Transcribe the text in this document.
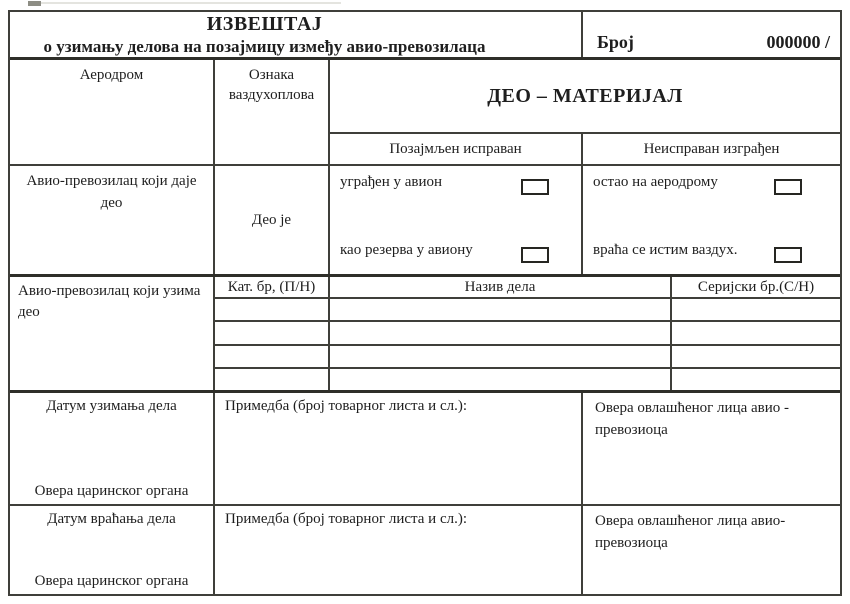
ИЗВЕШТАЈ
о узимању делова на позајмицу између авио-превозилаца	Број	000000 /
Аеродром	Ознака ваздухоплова	ДЕО – МАТЕРИЈАЛ
Позајмљен исправан	Неисправан изграђен
Авио-превозилац који даје део
Део је
уграђен у авион
као резерва у авиону
остао на аеродрому
враћа се истим ваздух.
Авио-превозилац који узима део
Кат. бр, (П/Н)	Назив дела	Серијски бр.(С/Н)
Датум узимања дела
Овера царинског органа
Примедба (број товарног листа и сл.):	Овера овлашћеног лица авио - превозиоца
Датум враћања дела
Овера царинског органа
Примедба (број товарног листа и сл.):	Овера овлашћеног лица авио-превозиоца
